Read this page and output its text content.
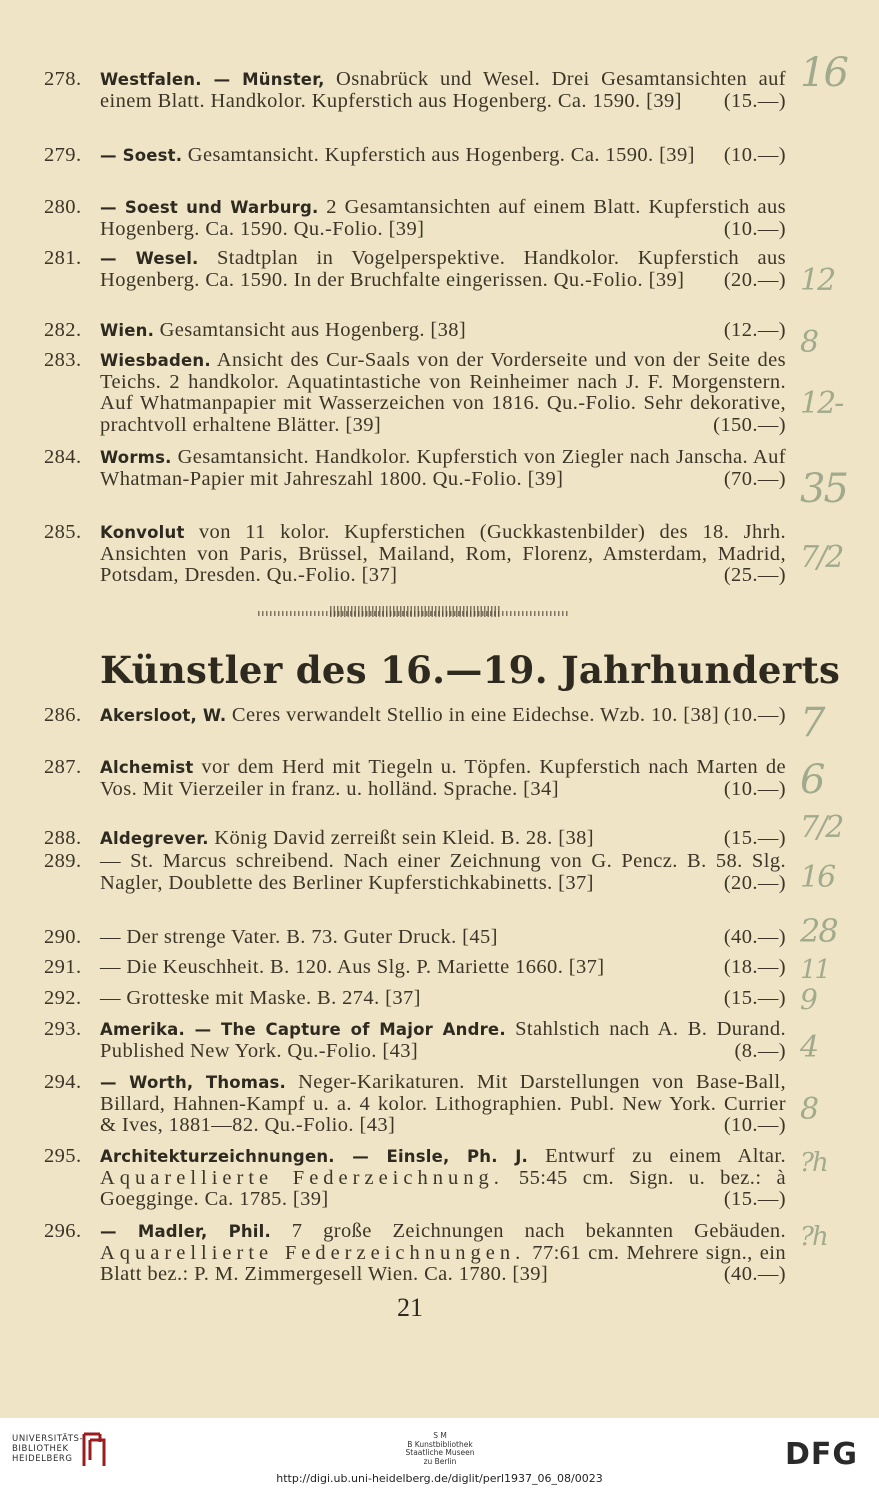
278.	Westfalen. — Münster, Osnabrück und Wesel. Drei Gesamtansichten auf einem Blatt. Handkolor. Kupferstich aus Hogenberg. Ca. 1590. [39] (15.—)
279.	— Soest. Gesamtansicht. Kupferstich aus Hogenberg. Ca. 1590. [39] (10.—)
280.	— Soest und Warburg. 2 Gesamtansichten auf einem Blatt. Kupferstich aus Hogenberg. Ca. 1590. Qu.-Folio. [39]	(10.—)
281.	— Wesel. Stadtplan in Vogelperspektive. Handkolor. Kupferstich aus Hogenberg. Ca. 1590. In der Bruchfalte eingerissen. Qu.-Folio. [39] (20.—)
282.	Wien. Gesamtansicht aus Hogenberg. [38]	(12.—)
283.	Wiesbaden. Ansicht des Cur-Saals von der Vorderseite und von der Seite des Teichs. 2 handkolor. Aquatintastiche von Reinheimer nach J. F. Morgenstern. Auf Whatmanpapier mit Wasserzeichen von 1816. Qu.-Folio. Sehr dekorative, prachtvoll erhaltene Blätter. [39]	(150.—)
284.	Worms. Gesamtansicht. Handkolor. Kupferstich von Ziegler nach Janscha. Auf Whatman-Papier mit Jahreszahl 1800. Qu.-Folio. [39]	(70.—)
285.	Konvolut von 11 kolor. Kupferstichen (Guckkastenbilder) des 18. Jhrh. Ansichten von Paris, Brüssel, Mailand, Rom, Florenz, Amsterdam, Madrid, Potsdam, Dresden. Qu.-Folio. [37]	(25.—)
Künstler des 16.—19. Jahrhunderts
286.	Akersloot, W. Ceres verwandelt Stellio in eine Eidechse. Wzb. 10. [38] (10.—)
287.	Alchemist vor dem Herd mit Tiegeln u. Töpfen. Kupferstich nach Marten de Vos. Mit Vierzeiler in franz. u. holländ. Sprache. [34]	(10.—)
288.	Aldegrever. König David zerreißt sein Kleid. B. 28. [38]	(15.—)
289. — St. Marcus schreibend. Nach einer Zeichnung von G. Pencz. B. 58. Slg. Nagler, Doublette des Berliner Kupferstichkabinetts. [37]	(20.—)
290. — Der strenge Vater. B. 73. Guter Druck. [45]	(40.—)
291. — Die Keuschheit. B. 120. Aus Slg. P. Mariette 1660. [37]	(18.—)
292. — Grotteske mit Maske. B. 274. [37]	(15.—)
293.	Amerika. — The Capture of Major Andre. Stahlstich nach A. B. Durand. Published New York. Qu.-Folio. [43]	(8.—)
294.	— Worth, Thomas. Neger-Karikaturen. Mit Darstellungen von Base-Ball, Billard, Hahnen-Kampf u. a. 4 kolor. Lithographien. Publ. New York. Currier & Ives, 1881—82. Qu.-Folio. [43]	(10.—)
295.	Architekturzeichnungen. — Einsle, Ph. J. Entwurf zu einem Altar. Aquarellierte Federzeichnung. 55:45 cm. Sign. u. bez.: à Goegginge. Ca. 1785. [39]	(15.—)
296.	— Madler, Phil. 7 große Zeichnungen nach bekannten Gebäuden. Aquarellierte Federzeichnungen. 77:61 cm. Mehrere sign., ein Blatt bez.: P. M. Zimmergesell Wien. Ca. 1780. [39]	(40.—)
21
16
12
8
12-
35
7/2
7
6
7/2
16
28
11
9
4
8
?h
?h
UNIVERSITÄTS-
BIBLIOTHEK
HEIDELBERG
S M
B Kunstbibliothek
Staatliche Museen
zu Berlin
http://digi.ub.uni-heidelberg.de/diglit/perl1937_06_08/0023
DFG
